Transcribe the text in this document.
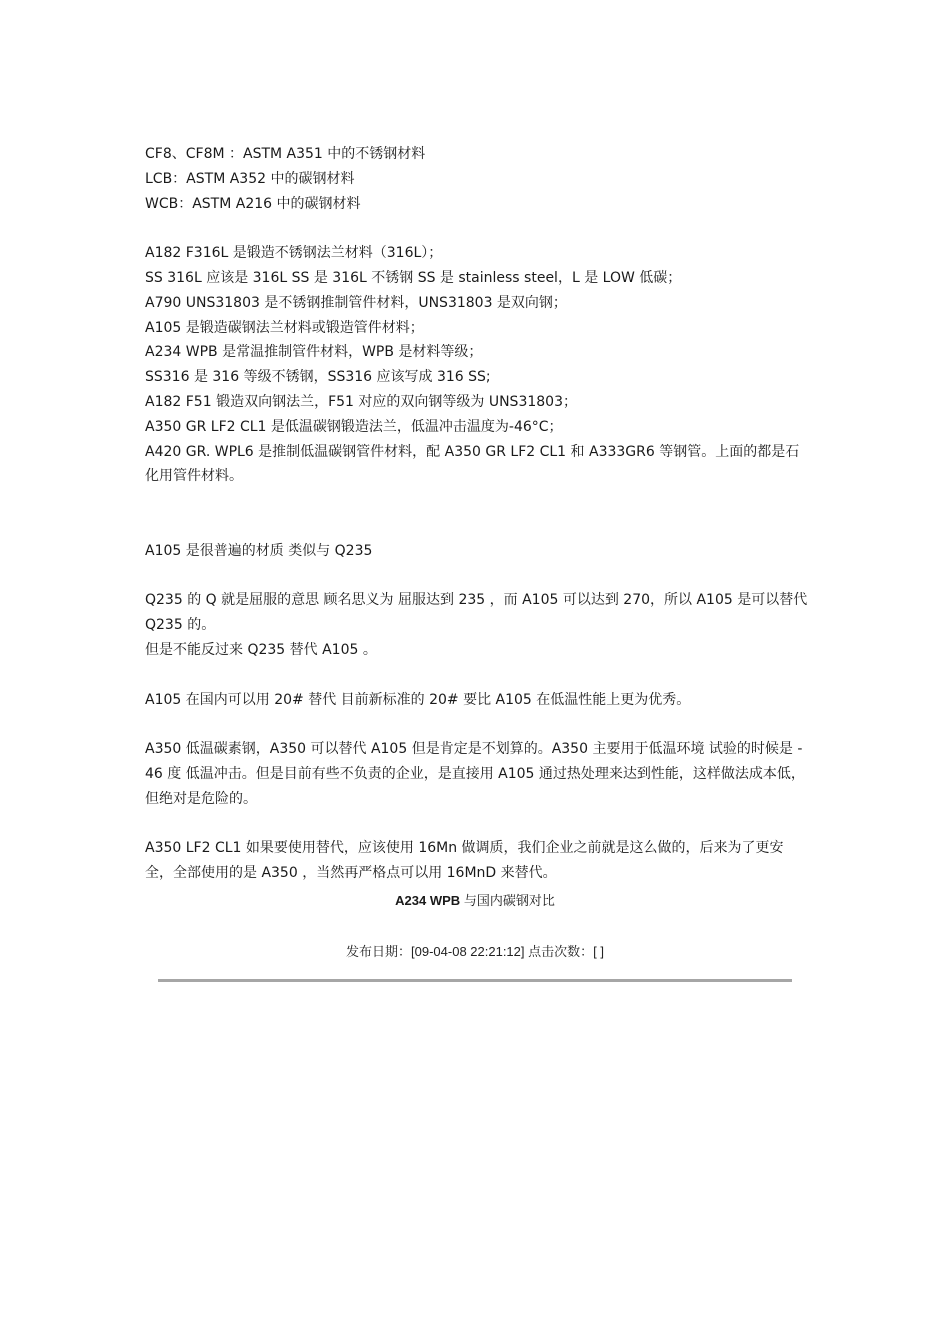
CF8、CF8M ：ASTM A351 中的不锈钢材料

LCB：ASTM A352 中的碳钢材料

WCB：ASTM A216 中的碳钢材料

A182 F316L 是锻造不锈钢法兰材料（316L）；

SS 316L 应该是 316L SS 是 316L 不锈钢 SS 是 stainless steel，L 是 LOW 低碳；

A790 UNS31803 是不锈钢推制管件材料，UNS31803 是双向钢；

A105 是锻造碳钢法兰材料或锻造管件材料；

A234 WPB 是常温推制管件材料，WPB 是材料等级；

SS316 是 316 等级不锈钢，SS316 应该写成 316 SS;

A182 F51 锻造双向钢法兰，F51 对应的双向钢等级为 UNS31803；

A350 GR LF2 CL1 是低温碳钢锻造法兰，低温冲击温度为-46°C；

A420 GR. WPL6 是推制低温碳钢管件材料，配 A350 GR LF2 CL1 和 A333GR6 等钢管。上面的都是石化用管件材料。

A105 是很普遍的材质 类似与 Q235

Q235 的 Q 就是屈服的意思 顾名思义为 屈服达到 235 ，而 A105 可以达到 270，所以 A105 是可以替代 Q235 的。

但是不能反过来 Q235 替代 A105 。

A105 在国内可以用 20# 替代 目前新标准的 20# 要比 A105 在低温性能上更为优秀。

A350 低温碳素钢，A350 可以替代 A105 但是肯定是不划算的。A350 主要用于低温环境 试验的时候是 -46 度 低温冲击。但是目前有些不负责的企业，是直接用 A105 通过热处理来达到性能，这样做法成本低，但绝对是危险的。

A350 LF2 CL1 如果要使用替代，应该使用 16Mn 做调质，我们企业之前就是这么做的，后来为了更安全，全部使用的是 A350 ，当然再严格点可以用 16MnD 来替代。

A234 WPB 与国内碳钢对比
发布日期：[09-04-08 22:21:12] 点击次数：[ ]
